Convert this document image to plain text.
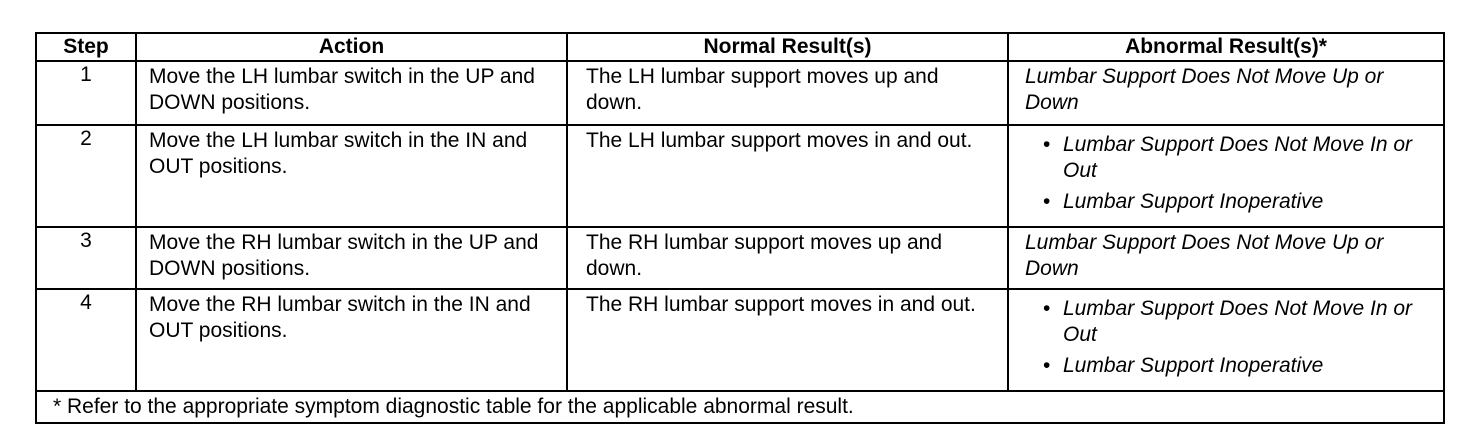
Step	Action	Normal Result(s)	Abnormal Result(s)*
1	Move the LH lumbar switch in the UP and DOWN positions.	The LH lumbar support moves up and down.	Lumbar Support Does Not Move Up or Down
2	Move the LH lumbar switch in the IN and OUT positions.	The LH lumbar support moves in and out.	• Lumbar Support Does Not Move In or Out
• Lumbar Support Inoperative

3	Move the RH lumbar switch in the UP and DOWN positions.	The RH lumbar support moves up and down.	Lumbar Support Does Not Move Up or Down
4	Move the RH lumbar switch in the IN and OUT positions.	The RH lumbar support moves in and out.	• Lumbar Support Does Not Move In or Out
• Lumbar Support Inoperative

* Refer to the appropriate symptom diagnostic table for the applicable abnormal result.			
